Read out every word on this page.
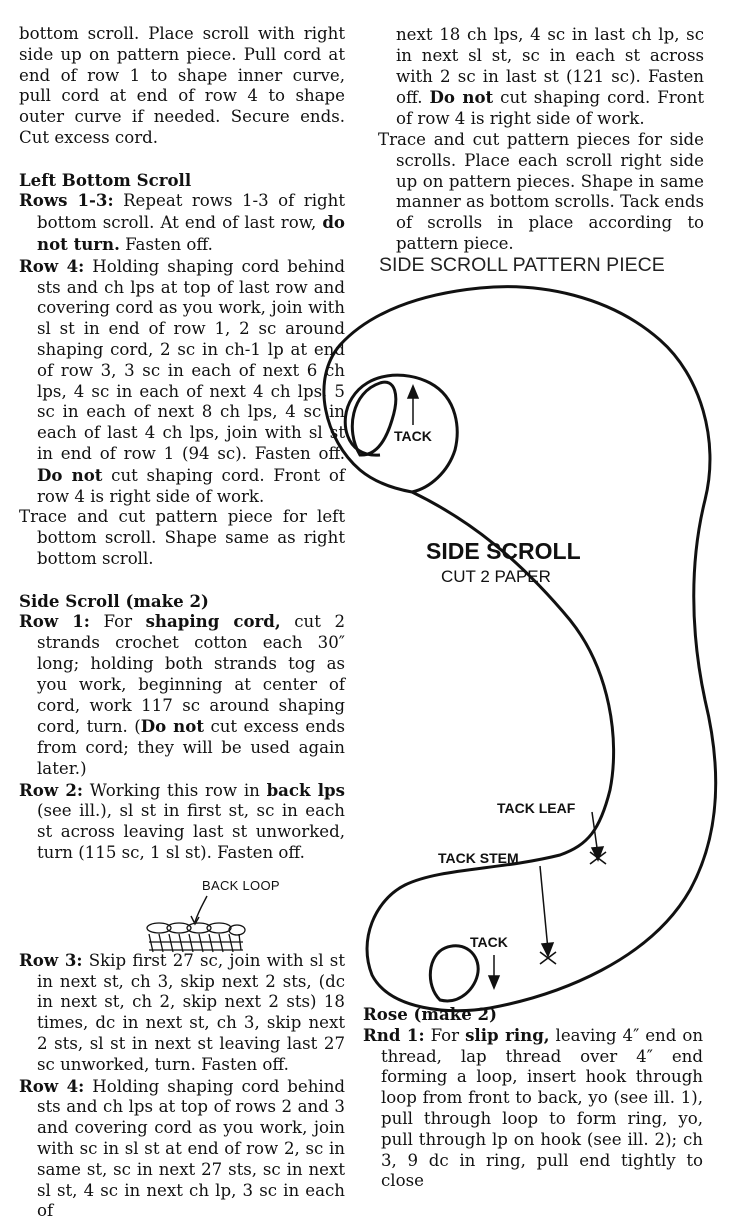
bottom scroll. Place scroll with right side up on pattern piece. Pull cord at end of row 1 to shape inner curve, pull cord at end of row 4 to shape outer curve if needed. Secure ends. Cut excess cord.

Left Bottom Scroll

Rows 1-3: Repeat rows 1-3 of right bottom scroll. At end of last row, do not turn. Fasten off.

Row 4: Holding shaping cord behind sts and ch lps at top of last row and covering cord as you work, join with sl st in end of row 1, 2 sc around shaping cord, 2 sc in ch-1 lp at end of row 3, 3 sc in each of next 6 ch lps, 4 sc in each of next 4 ch lps, 5 sc in each of next 8 ch lps, 4 sc in each of last 4 ch lps, join with sl st in end of row 1 (94 sc). Fasten off. Do not cut shaping cord. Front of row 4 is right side of work.

Trace and cut pattern piece for left bottom scroll. Shape same as right bottom scroll.

Side Scroll (make 2)

Row 1: For shaping cord, cut 2 strands crochet cotton each 30″ long; holding both strands tog as you work, beginning at center of cord, work 117 sc around shaping cord, turn. (Do not cut excess ends from cord; they will be used again later.)

Row 2: Working this row in back lps (see ill.), sl st in first st, sc in each st across leaving last st unworked, turn (115 sc, 1 sl st). Fasten off.

BACK LOOP

Row 3: Skip first 27 sc, join with sl st in next st, ch 3, skip next 2 sts, (dc in next st, ch 2, skip next 2 sts) 18 times, dc in next st, ch 3, skip next 2 sts, sl st in next st leaving last 27 sc unworked, turn. Fasten off.

Row 4: Holding shaping cord behind sts and ch lps at top of rows 2 and 3 and covering cord as you work, join with sc in sl st at end of row 2, sc in same st, sc in next 27 sts, sc in next sl st, 4 sc in next ch lp, 3 sc in each of

next 18 ch lps, 4 sc in last ch lp, sc in next sl st, sc in each st across with 2 sc in last st (121 sc). Fasten off. Do not cut shaping cord. Front of row 4 is right side of work.

Trace and cut pattern pieces for side scrolls. Place each scroll right side up on pattern pieces. Shape in same manner as bottom scrolls. Tack ends of scrolls in place according to pattern piece.

SIDE SCROLL PATTERN PIECE
TACK
SIDE SCROLL
CUT 2 PAPER
TACK LEAF
TACK STEM
TACK

Rose (make 2)

Rnd 1: For slip ring, leaving 4″ end on thread, lap thread over 4″ end forming a loop, insert hook through loop from front to back, yo (see ill. 1), pull through loop to form ring, yo, pull through lp on hook (see ill. 2); ch 3, 9 dc in ring, pull end tightly to close
